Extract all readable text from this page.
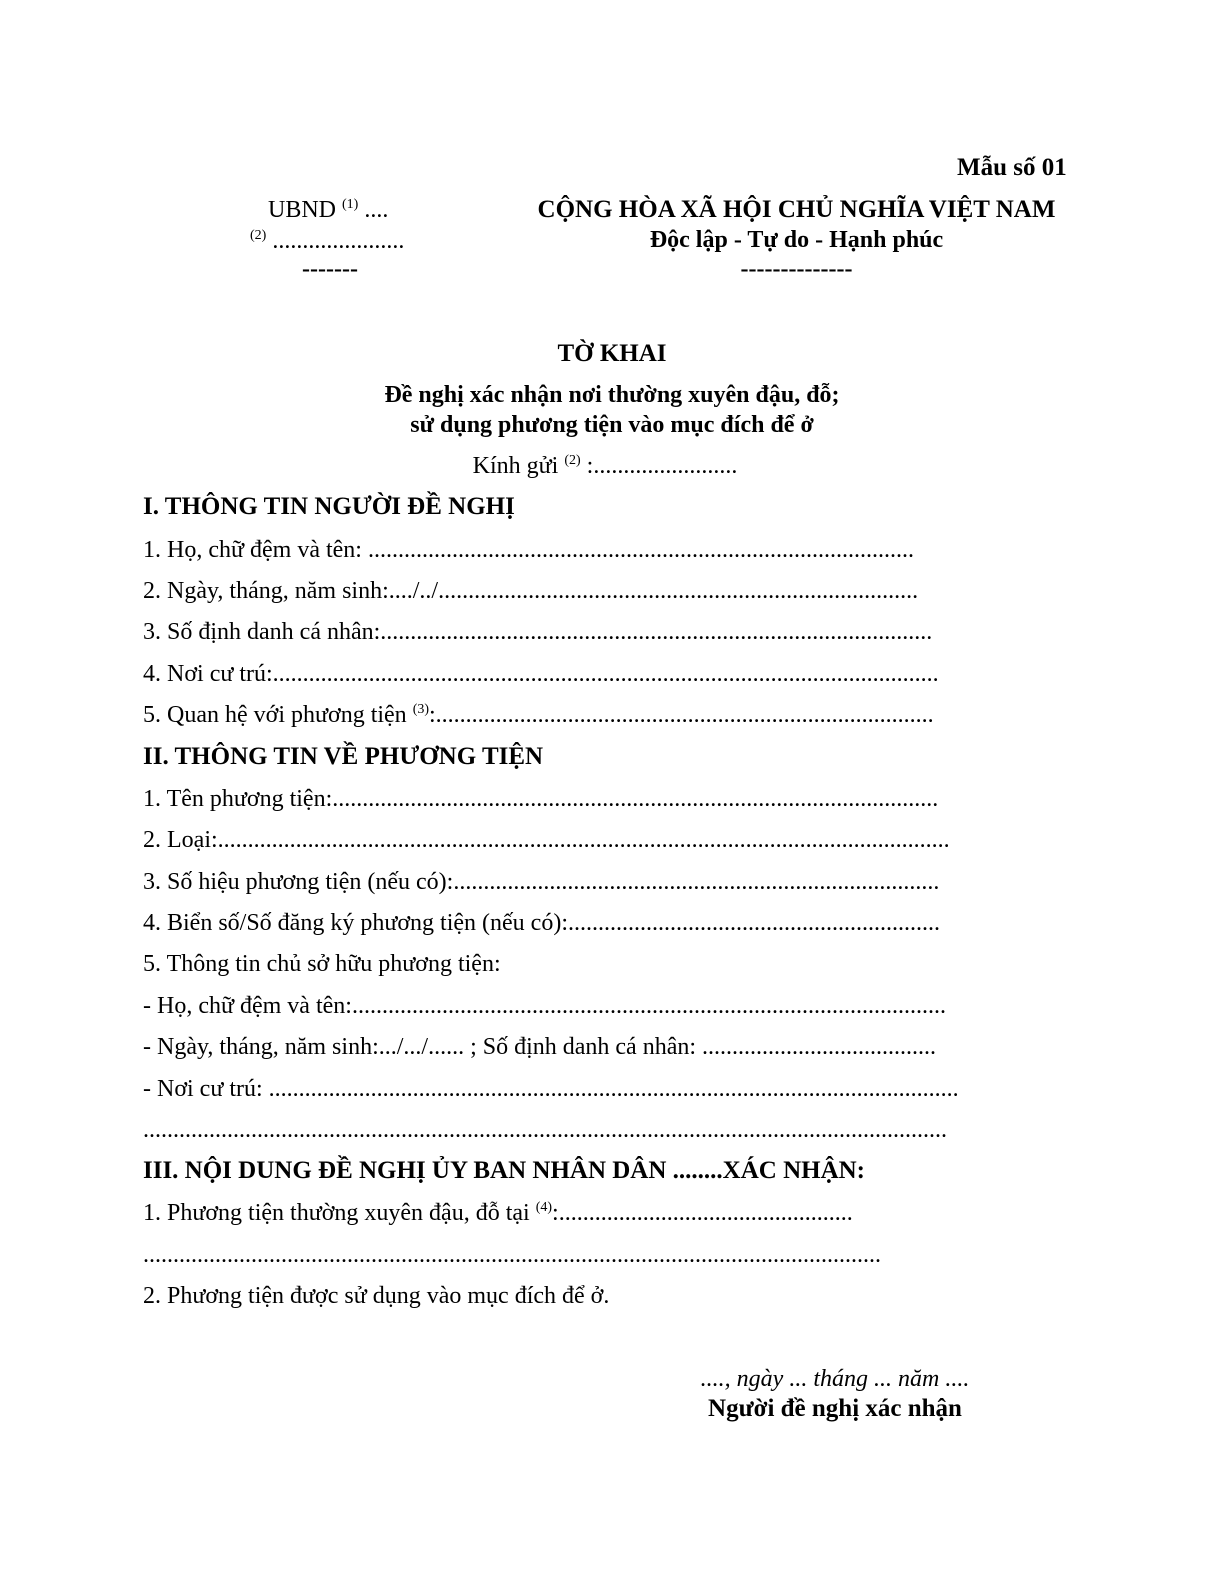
Mẫu số 01
UBND $^{(1)}$ ....
$^{(2)}$ ......................
-------
CỘNG HÒA XÃ HỘI CHỦ NGHĨA VIỆT NAM
Độc lập - Tự do - Hạnh phúc
--------------
TỜ KHAI
Đề nghị xác nhận nơi thường xuyên đậu, đỗ;
sử dụng phương tiện vào mục đích để ở
Kính gửi $^{(2)}$ :........................
I. THÔNG TIN NGƯỜI ĐỀ NGHỊ
1. Họ, chữ đệm và tên: ...........................................................................................
2. Ngày, tháng, năm sinh:..../../................................................................................
3. Số định danh cá nhân:............................................................................................
4. Nơi cư trú:...............................................................................................................
5. Quan hệ với phương tiện $^{(3)}$:...................................................................................
II. THÔNG TIN VỀ PHƯƠNG TIỆN
1. Tên phương tiện:.....................................................................................................
2. Loại:..........................................................................................................................
3. Số hiệu phương tiện (nếu có):.................................................................................
4. Biển số/Số đăng ký phương tiện (nếu có):..............................................................
5. Thông tin chủ sở hữu phương tiện:
- Họ, chữ đệm và tên:...................................................................................................
- Ngày, tháng, năm sinh:.../.../...... ; Số định danh cá nhân: .......................................
- Nơi cư trú: ...................................................................................................................
......................................................................................................................................
III. NỘI DUNG ĐỀ NGHỊ ỦY BAN NHÂN DÂN ........XÁC NHẬN:
1. Phương tiện thường xuyên đậu, đỗ tại $^{(4)}$:.................................................
...........................................................................................................................
2. Phương tiện được sử dụng vào mục đích để ở.
...., ngày ... tháng ... năm ....
Người đề nghị xác nhận
